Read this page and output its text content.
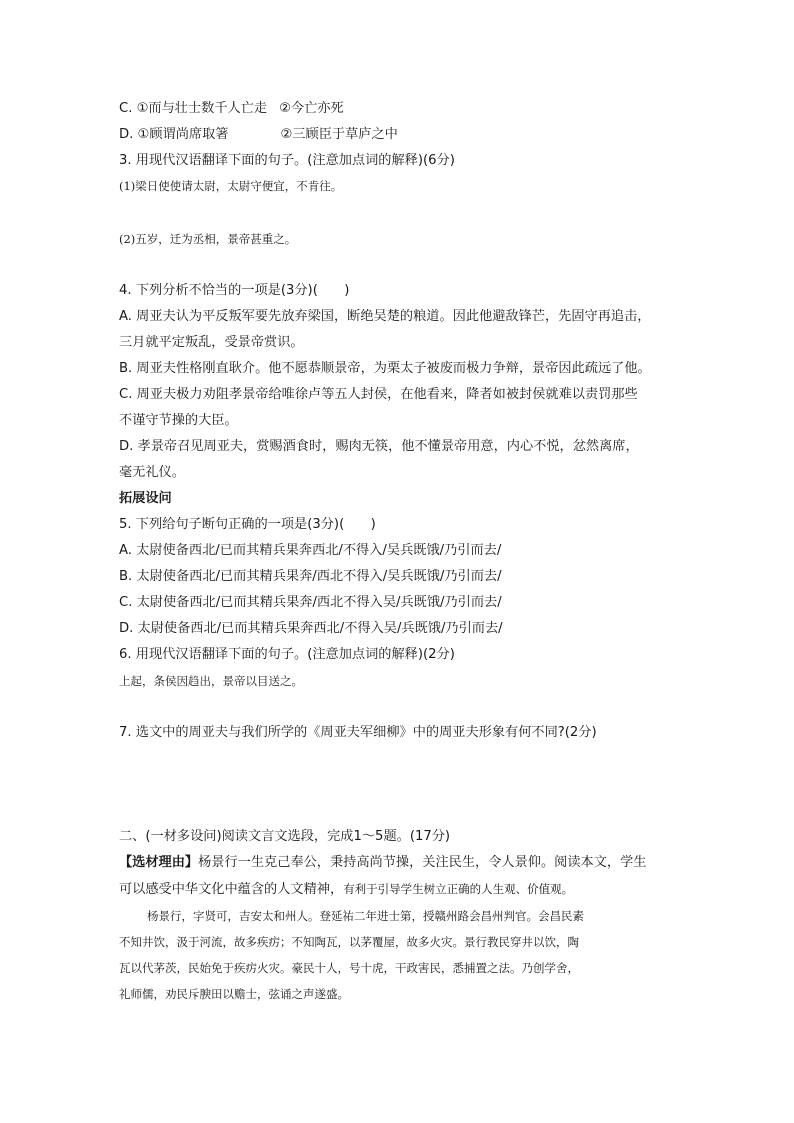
C. ①而与壮士数千人亡走 ②今亡亦死
D. ①顾谓尚席取箸	②三顾臣于草庐之中
3. 用现代汉语翻译下面的句子。(注意加点词的解释)(6分)
(1)梁日使使请太尉，太尉守便宜，不肯往。
(2)五岁，迁为丞相，景帝甚重之。
4. 下列分析不恰当的一项是(3分)(　　)
A. 周亚夫认为平反叛军要先放弃梁国，断绝吴楚的粮道。因此他避敌锋芒，先固守再追击，
三月就平定叛乱，受景帝赏识。
B. 周亚夫性格刚直耿介。他不愿恭顺景帝，为栗太子被废而极力争辩，景帝因此疏远了他。
C. 周亚夫极力劝阻孝景帝给唯徐卢等五人封侯，在他看来，降者如被封侯就难以责罚那些
不谨守节操的大臣。
D. 孝景帝召见周亚夫，赏赐酒食时，赐肉无筷，他不懂景帝用意，内心不悦，忿然离席，
毫无礼仪。
拓展设问
5. 下列给句子断句正确的一项是(3分)(　　)
A. 太尉使备西北/已而其精兵果奔西北/不得入/吴兵既饿/乃引而去/
B. 太尉使备西北/已而其精兵果奔/西北不得入/吴兵既饿/乃引而去/
C. 太尉使备西北/已而其精兵果奔/西北不得入吴/兵既饿/乃引而去/
D. 太尉使备西北/已而其精兵果奔西北/不得入吴/兵既饿/乃引而去/
6. 用现代汉语翻译下面的句子。(注意加点词的解释)(2分)
上起，条侯因趋出，景帝以目送之。
7. 选文中的周亚夫与我们所学的《周亚夫军细柳》中的周亚夫形象有何不同?(2分)
二、(一材多设问)阅读文言文选段，完成1～5题。(17分)
【选材理由】杨景行一生克己奉公，秉持高尚节操，关注民生，令人景仰。阅读本文，学生
可以感受中华文化中蕴含的人文精神，有利于引导学生树立正确的人生观、价值观。
杨景行，字贤可，吉安太和州人。登延祐二年进士第，授赣州路会昌州判官。会昌民素
不知井饮，汲于河流，故多疾疠；不知陶瓦，以茅覆屋，故多火灾。景行教民穿井以饮，陶
瓦以代茅茨，民始免于疾疠火灾。豪民十人，号十虎，干政害民，悉捕置之法。乃创学舍，
礼师儒，劝民斥腴田以赡士，弦诵之声遂盛。
